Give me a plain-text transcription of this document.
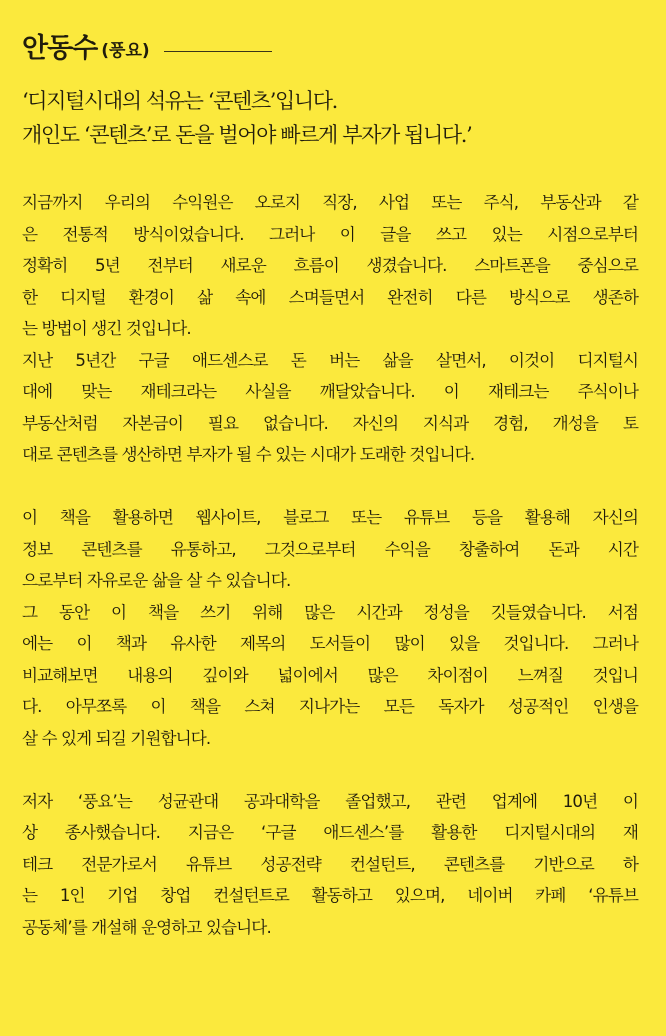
안동수 (풍요)
‘디지털시대의 석유는 ‘콘텐츠’입니다.
개인도 ‘콘텐츠’로 돈을 벌어야 빠르게 부자가 됩니다.’
지금까지 우리의 수익원은 오로지 직장, 사업 또는 주식, 부동산과 같
은 전통적 방식이었습니다. 그러나 이 글을 쓰고 있는 시점으로부터
정확히 5년 전부터 새로운 흐름이 생겼습니다. 스마트폰을 중심으로
한 디지털 환경이 삶 속에 스며들면서 완전히 다른 방식으로 생존하
는 방법이 생긴 것입니다.
지난 5년간 구글 애드센스로 돈 버는 삶을 살면서, 이것이 디지털시
대에 맞는 재테크라는 사실을 깨달았습니다. 이 재테크는 주식이나
부동산처럼 자본금이 필요 없습니다. 자신의 지식과 경험, 개성을 토
대로 콘텐츠를 생산하면 부자가 될 수 있는 시대가 도래한 것입니다.
이 책을 활용하면 웹사이트, 블로그 또는 유튜브 등을 활용해 자신의
정보 콘텐츠를 유통하고, 그것으로부터 수익을 창출하여 돈과 시간
으로부터 자유로운 삶을 살 수 있습니다.
그 동안 이 책을 쓰기 위해 많은 시간과 정성을 깃들였습니다. 서점
에는 이 책과 유사한 제목의 도서들이 많이 있을 것입니다. 그러나
비교해보면 내용의 깊이와 넓이에서 많은 차이점이 느껴질 것입니
다. 아무쪼록 이 책을 스쳐 지나가는 모든 독자가 성공적인 인생을
살 수 있게 되길 기원합니다.
저자 ‘풍요’는 성균관대 공과대학을 졸업했고, 관련 업계에 10년 이
상 종사했습니다. 지금은 ‘구글 애드센스’를 활용한 디지털시대의 재
테크 전문가로서 유튜브 성공전략 컨설턴트, 콘텐츠를 기반으로 하
는 1인 기업 창업 컨설턴트로 활동하고 있으며, 네이버 카페 ‘유튜브
공동체’를 개설해 운영하고 있습니다.
